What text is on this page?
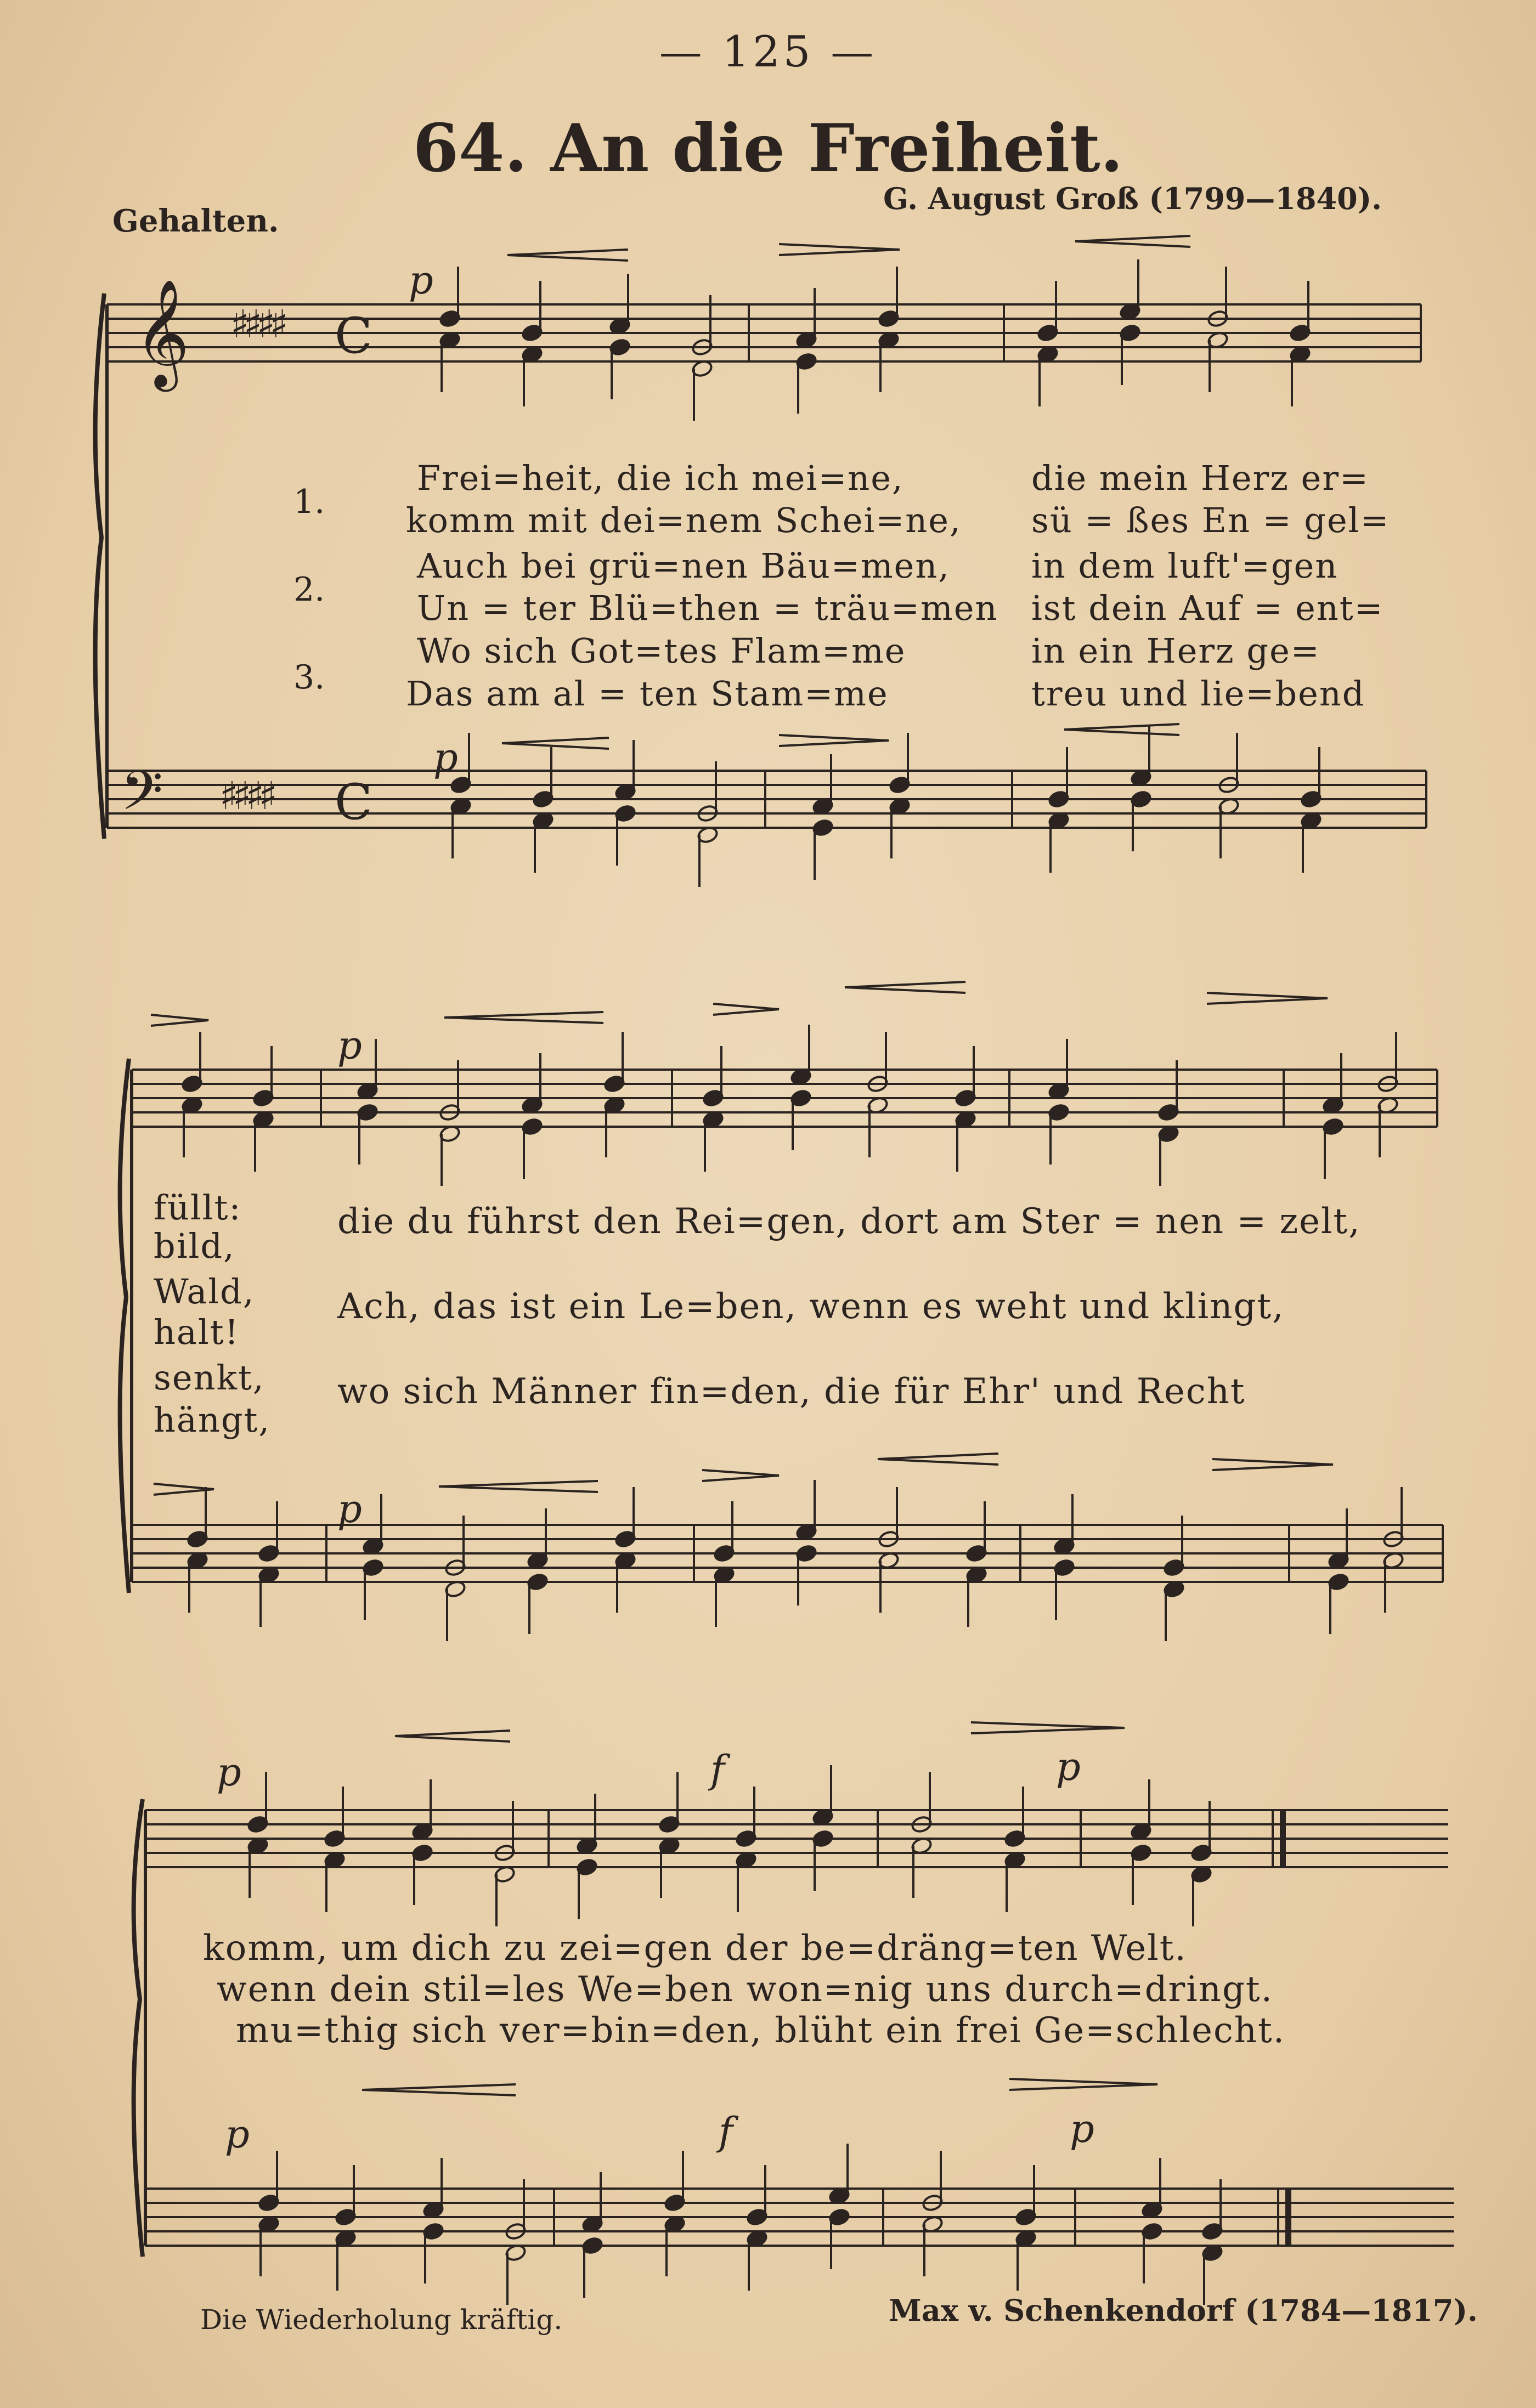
— 125 —
64. An die Freiheit.
Gehalten.
G. August Groß (1799—1840).
𝄞
𝄢
♯♯♯♯
♯♯♯♯
C
C
p
p
p
p
p	f	p
p	f	p
1.
2.
3.
Frei=heit, die ich mei=ne,
komm mit dei=nem Schei=ne,
Auch bei grü=nen Bäu=men,
Un = ter Blü=then = träu=men
Wo sich Got=tes Flam=me
Das am al = ten Stam=me
die mein Herz er=
sü = ßes En = gel=
in dem luft'=gen
ist dein Auf = ent=
in ein Herz ge=
treu und lie=bend
füllt:
bild,
Wald,
halt!
senkt,
hängt,
die du führst den Rei=gen, dort am Ster = nen = zelt,
Ach, das ist ein Le=ben, wenn es weht und klingt,
wo sich Männer fin=den, die für Ehr' und Recht
komm, um dich zu zei=gen der be=dräng=ten Welt.
wenn dein stil=les We=ben won=nig uns durch=dringt.
mu=thig sich ver=bin=den, blüht ein frei Ge=schlecht.
Die Wiederholung kräftig.	Max v. Schenkendorf (1784—1817).
